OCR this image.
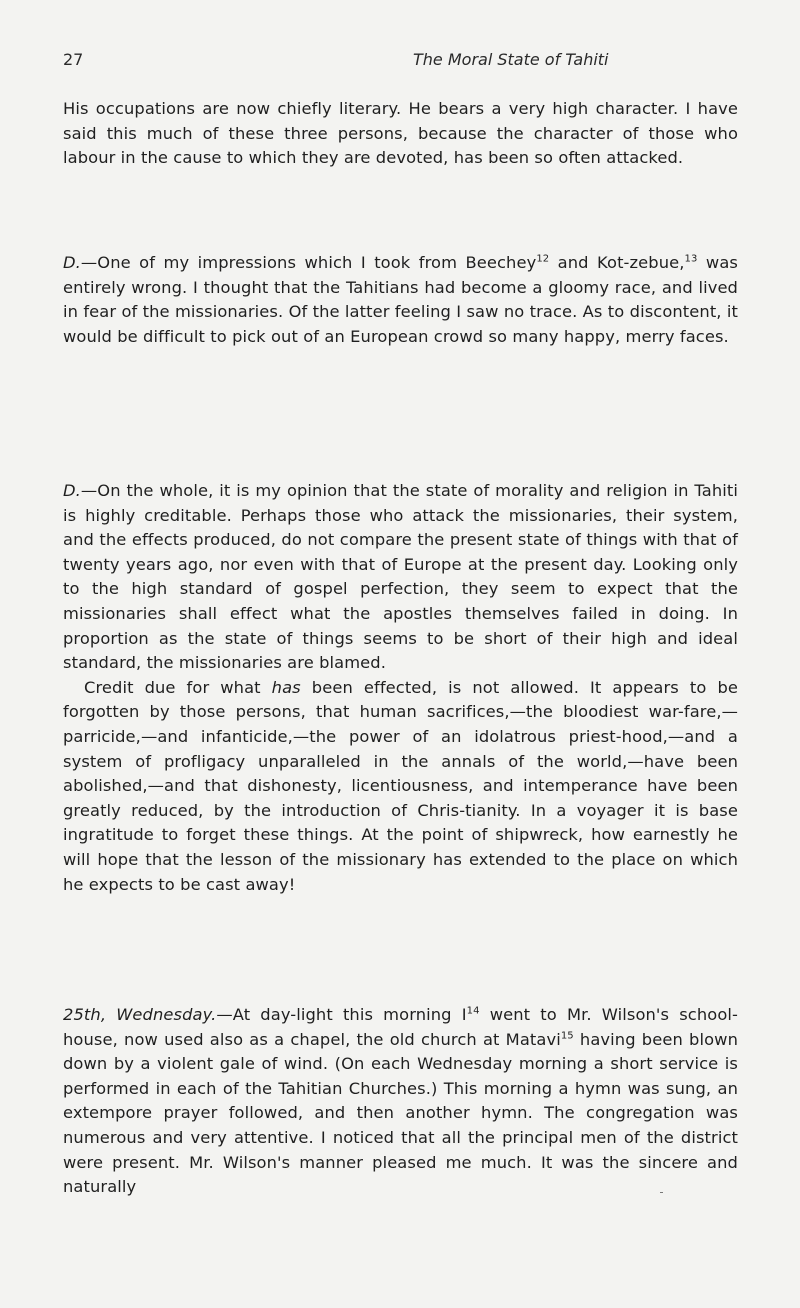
27	The Moral State of Tahiti

His occupations are now chiefly literary. He bears a very high character. I have said this much of these three persons, because the character of those who labour in the cause to which they are devoted, has been so often attacked.

D.—One of my impressions which I took from Beechey$^{12}$ and Kot-zebue,$^{13}$ was entirely wrong. I thought that the Tahitians had become a gloomy race, and lived in fear of the missionaries. Of the latter feeling I saw no trace. As to discontent, it would be difficult to pick out of an European crowd so many happy, merry faces.

D.—On the whole, it is my opinion that the state of morality and religion in Tahiti is highly creditable. Perhaps those who attack the missionaries, their system, and the effects produced, do not compare the present state of things with that of twenty years ago, nor even with that of Europe at the present day. Looking only to the high standard of gospel perfection, they seem to expect that the missionaries shall effect what the apostles themselves failed in doing. In proportion as the state of things seems to be short of their high and ideal standard, the missionaries are blamed.

Credit due for what has been effected, is not allowed. It appears to be forgotten by those persons, that human sacrifices,—the bloodiest war-fare,—parricide,—and infanticide,—the power of an idolatrous priest-hood,—and a system of profligacy unparalleled in the annals of the world,—have been abolished,—and that dishonesty, licentiousness, and intemperance have been greatly reduced, by the introduction of Chris-tianity. In a voyager it is base ingratitude to forget these things. At the point of shipwreck, how earnestly he will hope that the lesson of the missionary has extended to the place on which he expects to be cast away!

25th, Wednesday.—At day-light this morning $I^{14}$ went to Mr. Wilson's school-house, now used also as a chapel, the old church at Matavi$^{15}$ having been blown down by a violent gale of wind. (On each Wednesday morning a short service is performed in each of the Tahitian Churches.) This morning a hymn was sung, an extempore prayer followed, and then another hymn. The congregation was numerous and very attentive. I noticed that all the principal men of the district were present. Mr. Wilson's manner pleased me much. It was the sincere and naturally
